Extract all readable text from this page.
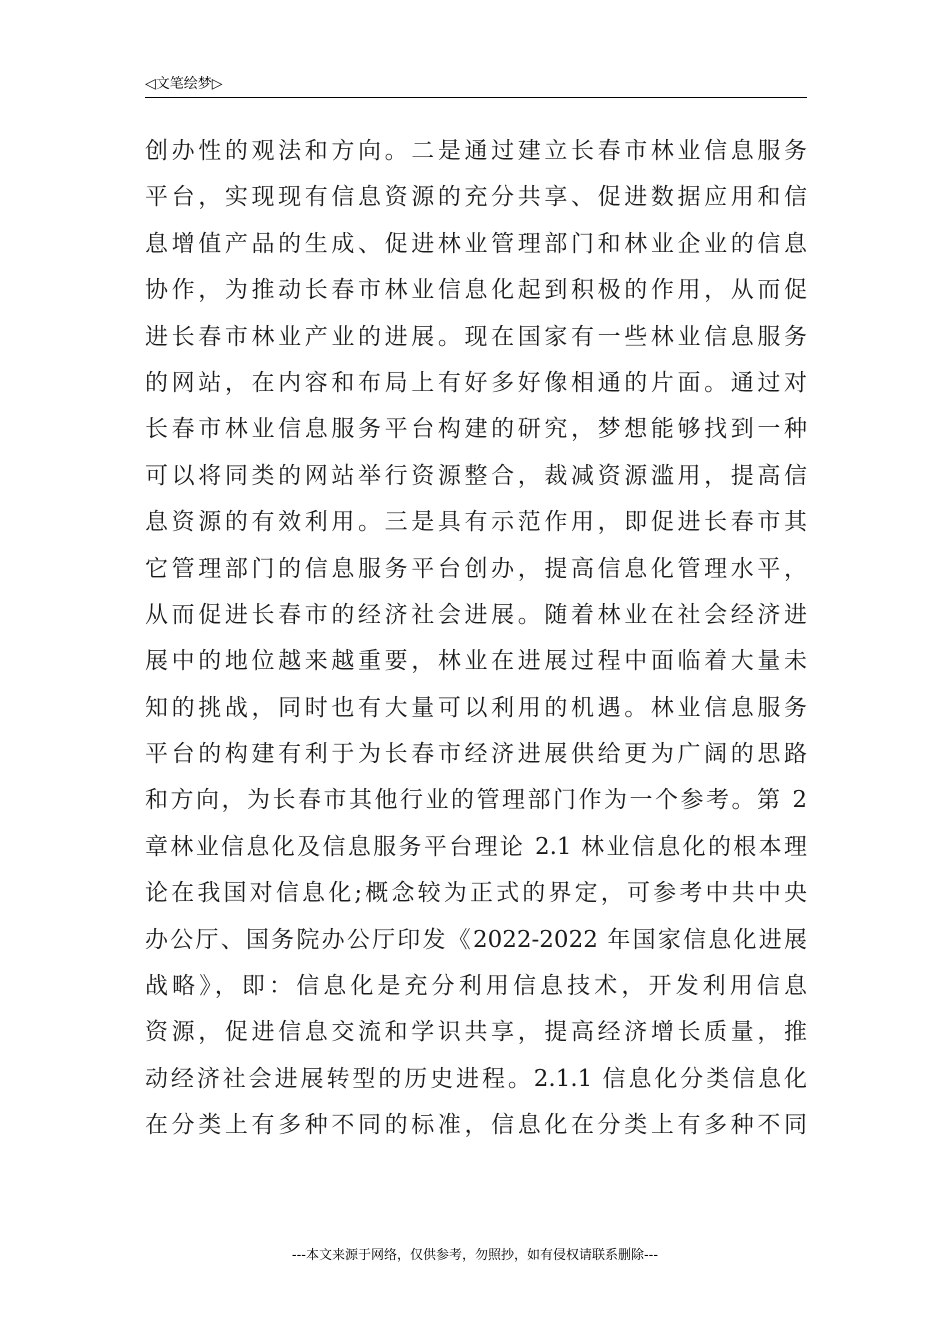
◁文笔绘梦▷
创办性的观法和方向。二是通过建立长春市林业信息服务
平台，实现现有信息资源的充分共享、促进数据应用和信
息增值产品的生成、促进林业管理部门和林业企业的信息
协作，为推动长春市林业信息化起到积极的作用，从而促
进长春市林业产业的进展。现在国家有一些林业信息服务
的网站，在内容和布局上有好多好像相通的片面。通过对
长春市林业信息服务平台构建的研究，梦想能够找到一种
可以将同类的网站举行资源整合，裁减资源滥用，提高信
息资源的有效利用。三是具有示范作用，即促进长春市其
它管理部门的信息服务平台创办，提高信息化管理水平，
从而促进长春市的经济社会进展。随着林业在社会经济进
展中的地位越来越重要，林业在进展过程中面临着大量未
知的挑战，同时也有大量可以利用的机遇。林业信息服务
平台的构建有利于为长春市经济进展供给更为广阔的思路
和方向，为长春市其他行业的管理部门作为一个参考。第 2
章林业信息化及信息服务平台理论 2.1 林业信息化的根本理
论在我国对信息化;概念较为正式的界定，可参考中共中央
办公厅、国务院办公厅印发《2022-2022 年国家信息化进展
战略》，即：信息化是充分利用信息技术，开发利用信息
资源，促进信息交流和学识共享，提高经济增长质量，推
动经济社会进展转型的历史进程。2.1.1 信息化分类信息化
在分类上有多种不同的标准，信息化在分类上有多种不同
---本文来源于网络，仅供参考，勿照抄，如有侵权请联系删除---
